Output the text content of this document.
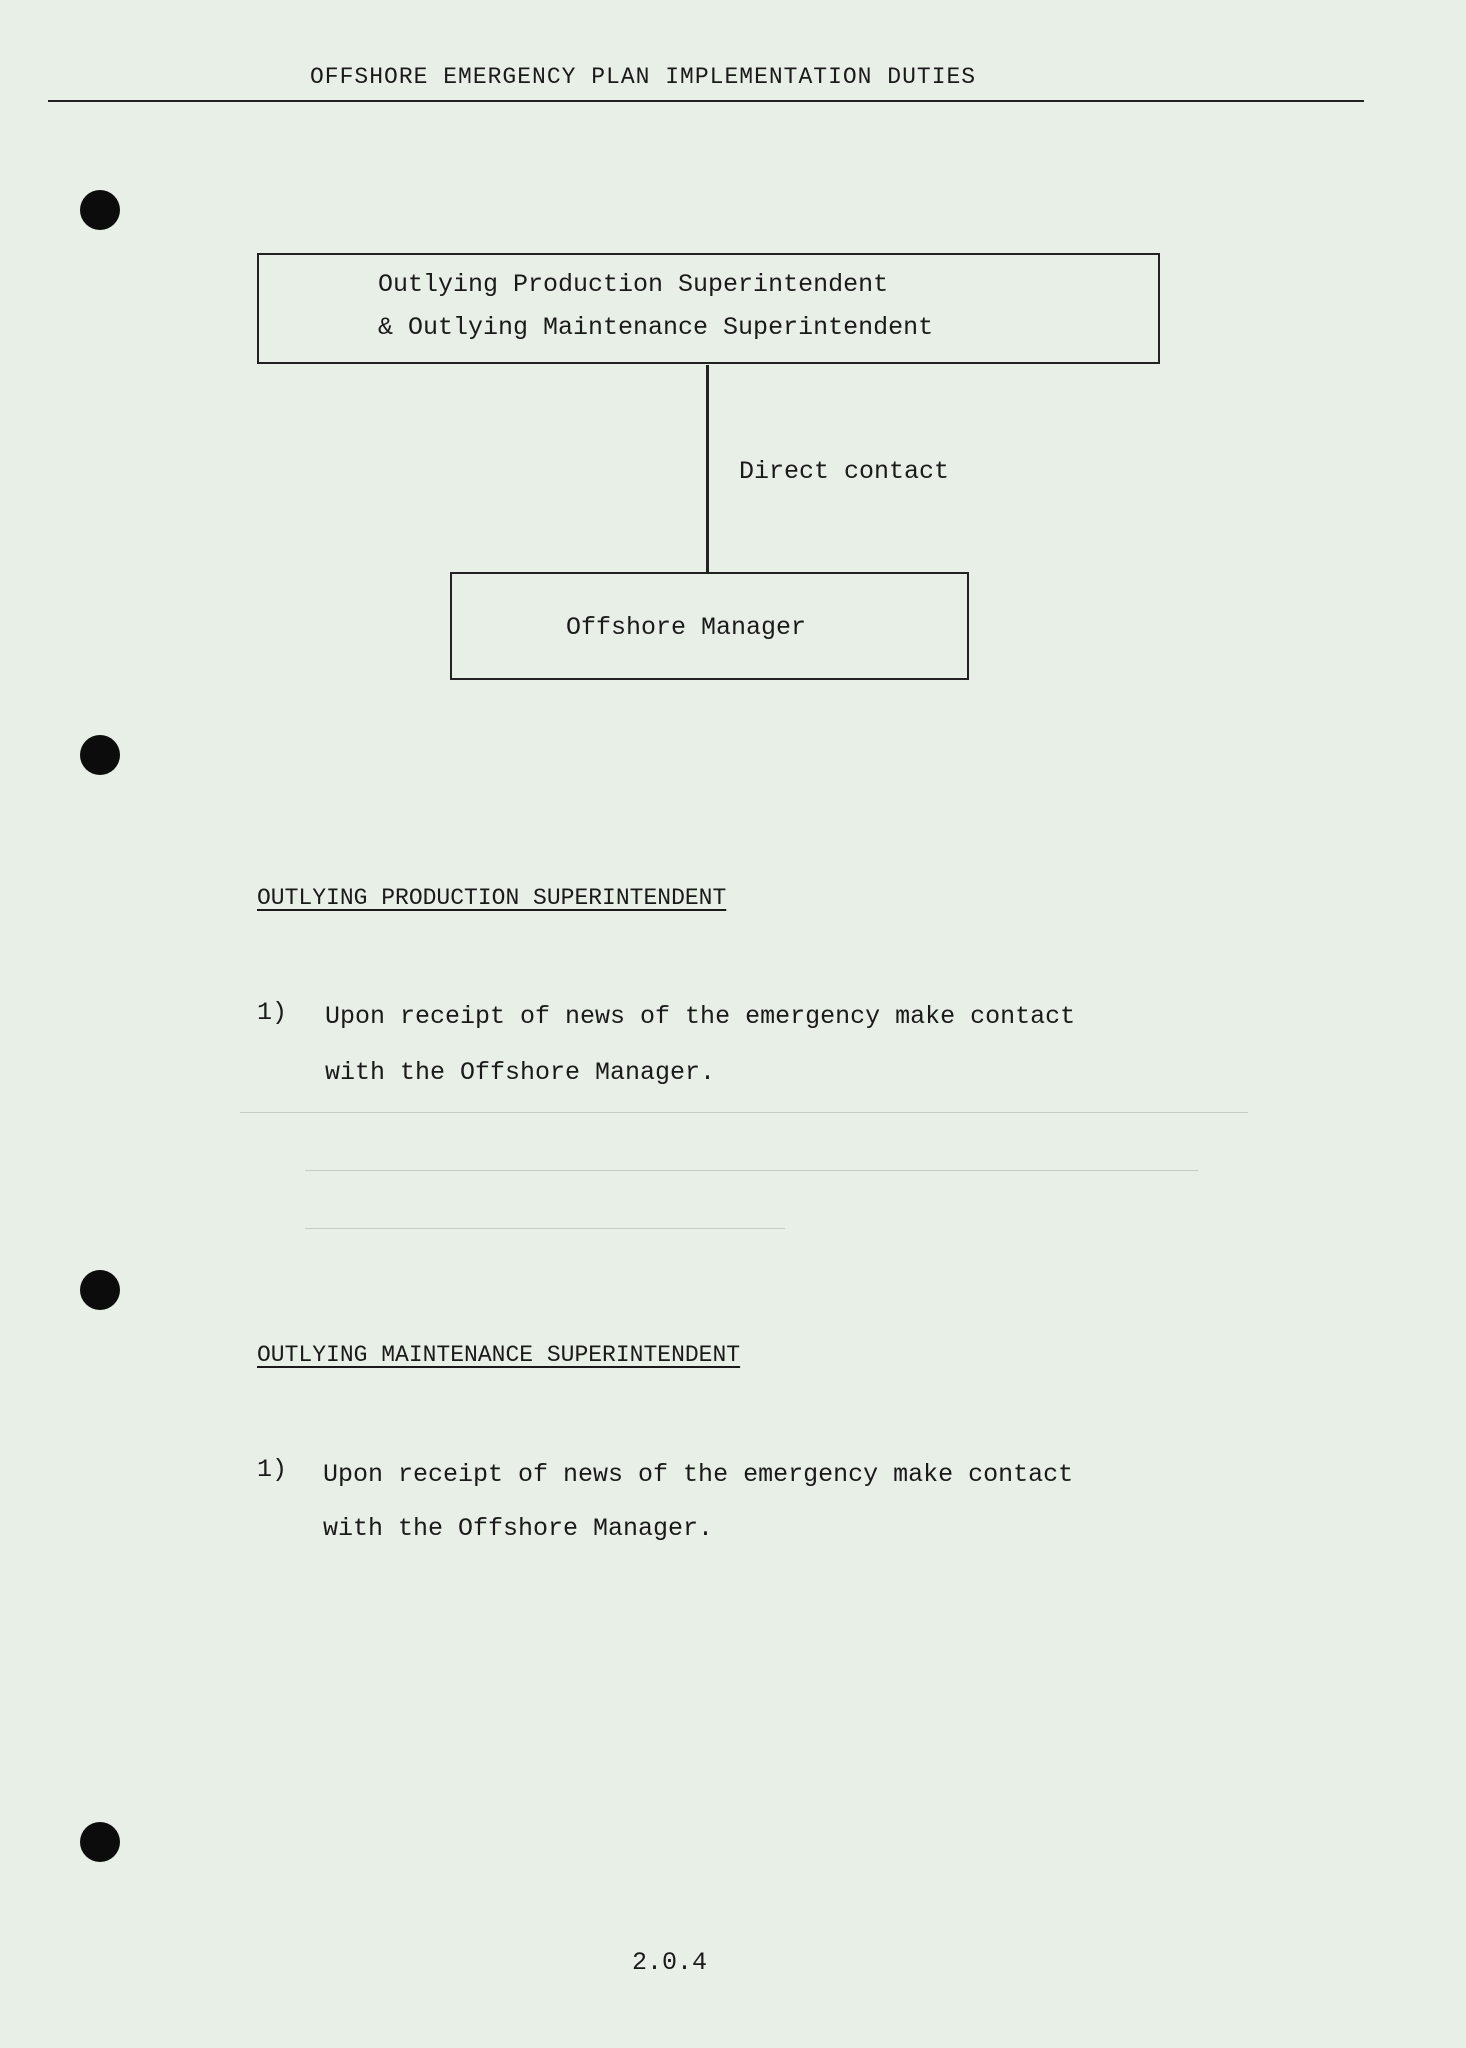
OFFSHORE EMERGENCY PLAN IMPLEMENTATION DUTIES
Outlying Production Superintendent
& Outlying Maintenance Superintendent
Direct contact
Offshore Manager
OUTLYING PRODUCTION SUPERINTENDENT
1) Upon receipt of news of the emergency make contact
with the Offshore Manager.
OUTLYING MAINTENANCE SUPERINTENDENT
1) Upon receipt of news of the emergency make contact
with the Offshore Manager.
2.0.4
